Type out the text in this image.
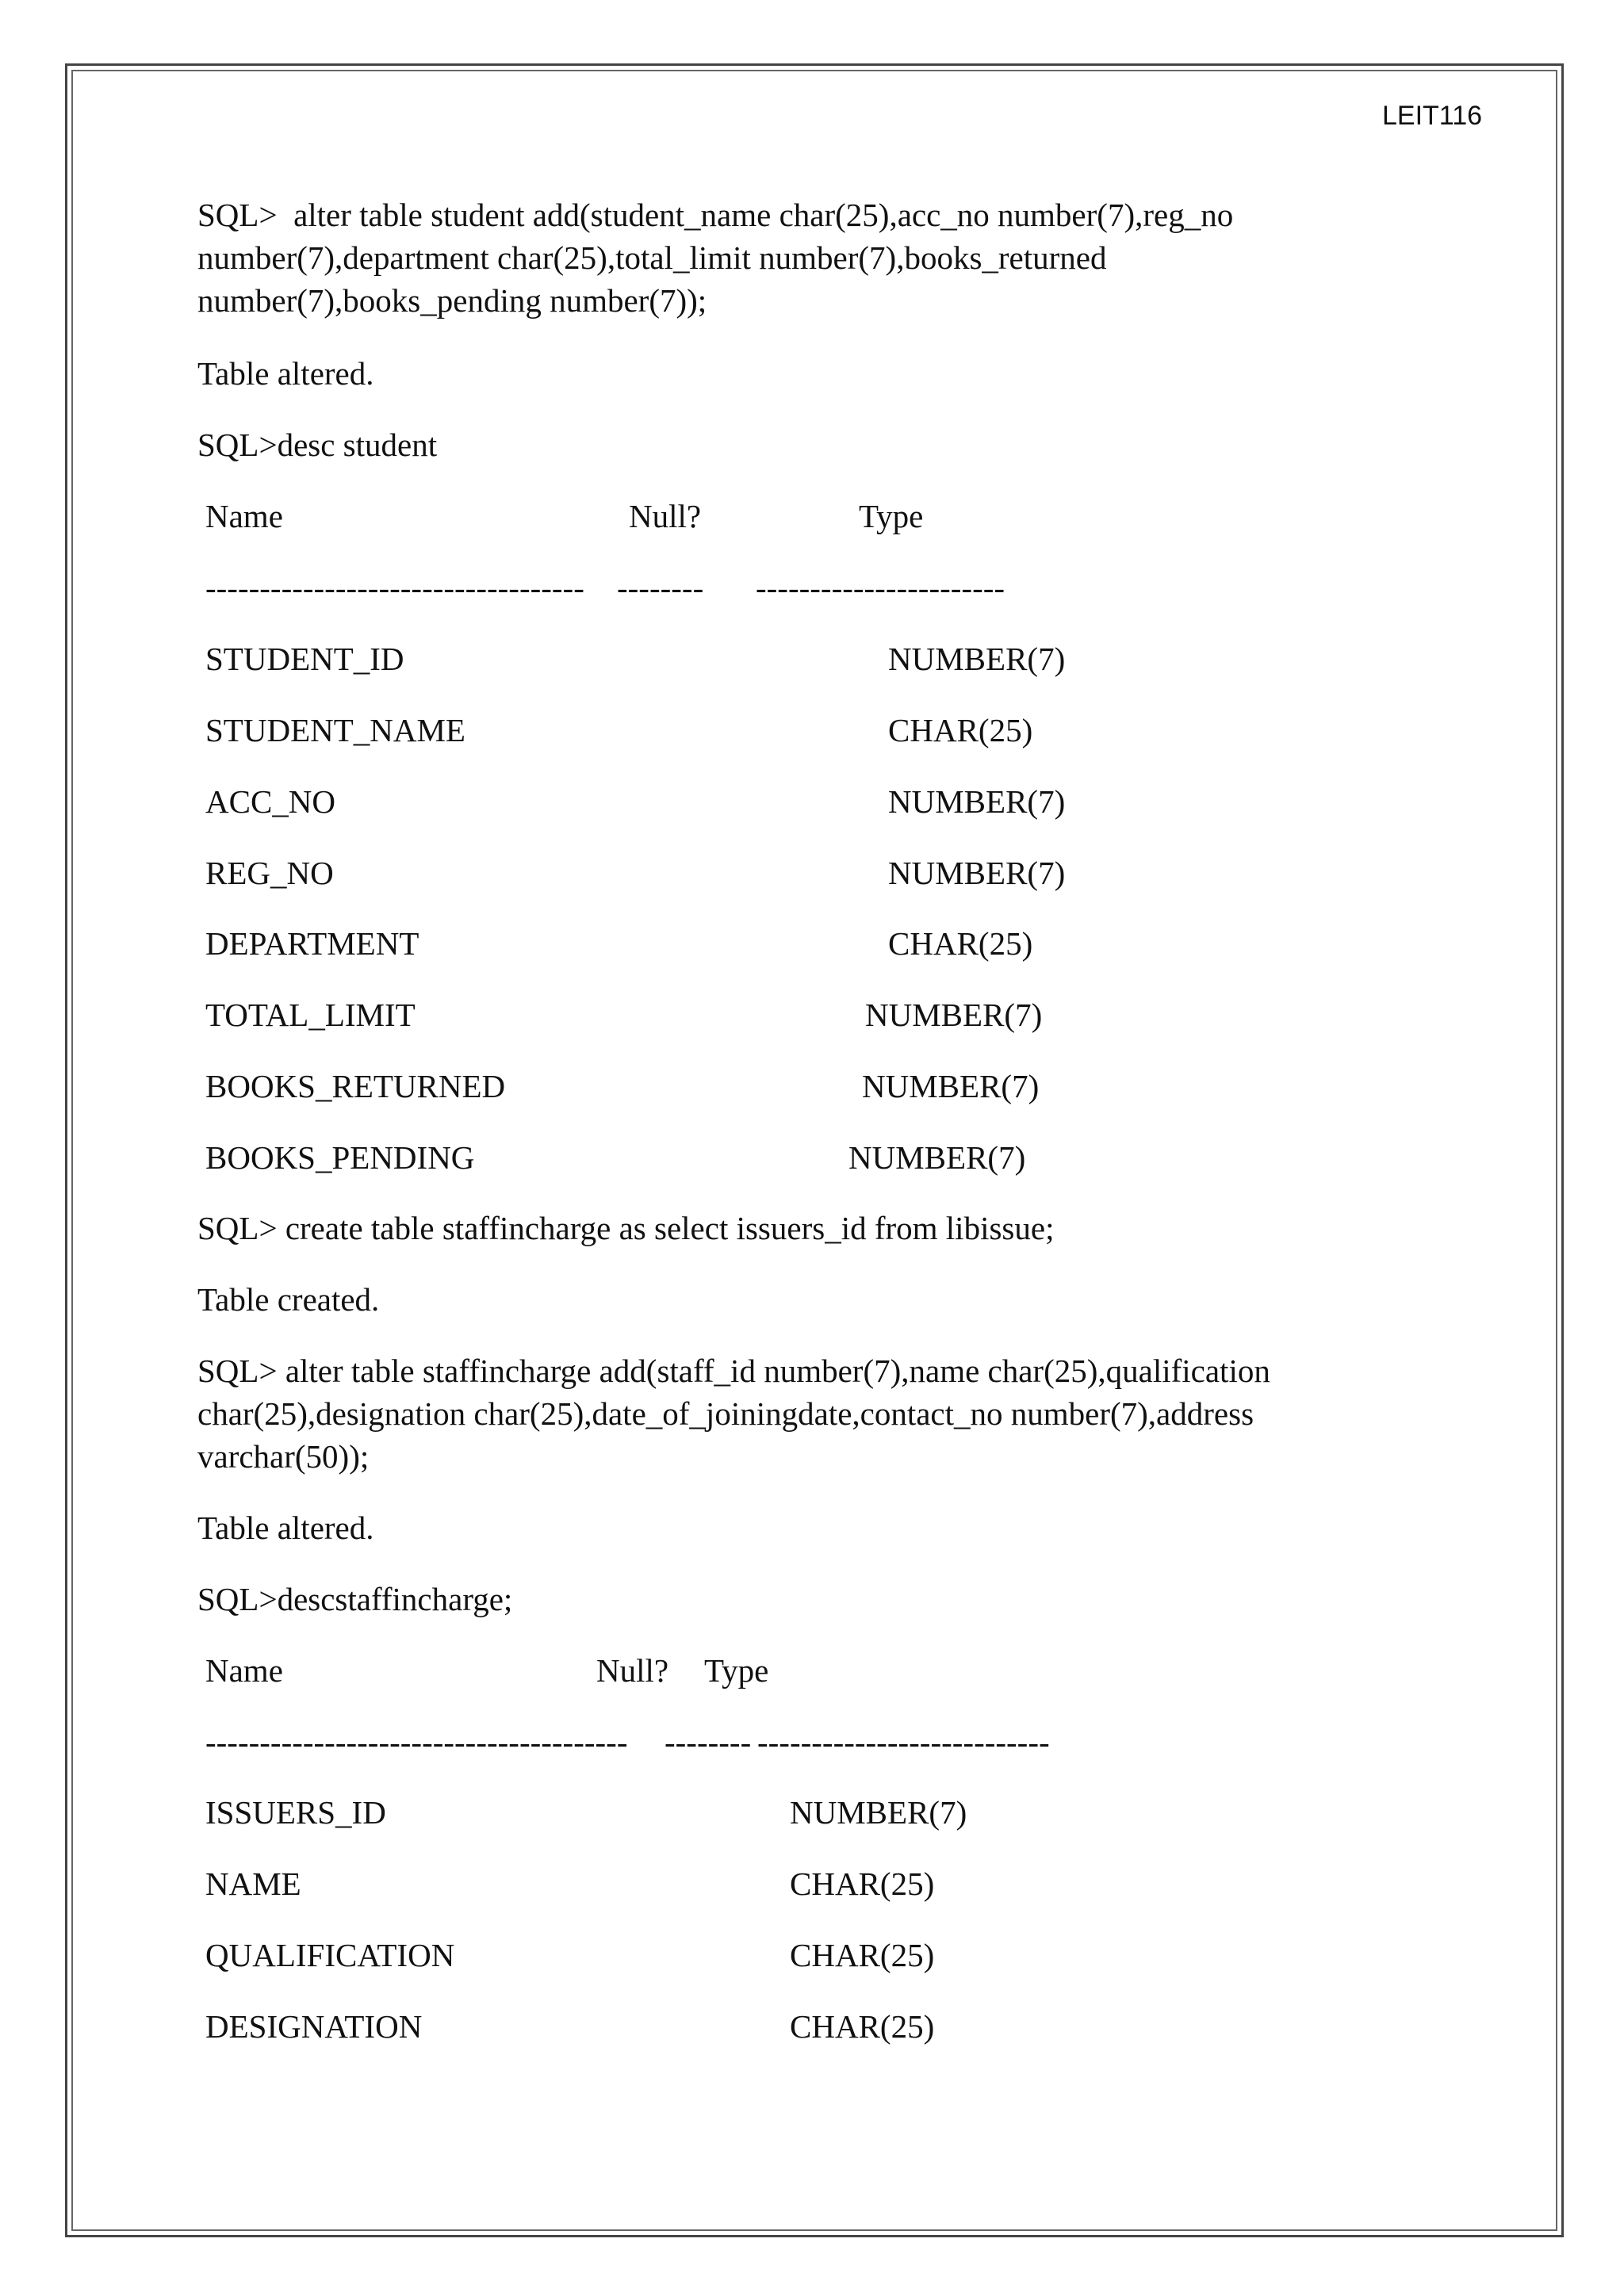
LEIT116
SQL>  alter table student add(student_name char(25),acc_no number(7),reg_no
number(7),department char(25),total_limit number(7),books_returned
number(7),books_pending number(7));
Table altered.
SQL>desc student
Name	Null?	Type
----------------------------------- -------- -----------------------
STUDENT_ID	NUMBER(7)
STUDENT_NAME	CHAR(25)
ACC_NO	NUMBER(7)
REG_NO	NUMBER(7)
DEPARTMENT	CHAR(25)
TOTAL_LIMIT	NUMBER(7)
BOOKS_RETURNED	NUMBER(7)
BOOKS_PENDING	NUMBER(7)
SQL> create table staffincharge as select issuers_id from libissue;
Table created.
SQL> alter table staffincharge add(staff_id number(7),name char(25),qualification
char(25),designation char(25),date_of_joiningdate,contact_no number(7),address
varchar(50));
Table altered.
SQL>descstaffincharge;
Name	Null? Type
--------------------------------------- -------- ---------------------------
ISSUERS_ID	NUMBER(7)
NAME	CHAR(25)
QUALIFICATION	CHAR(25)
DESIGNATION	CHAR(25)
